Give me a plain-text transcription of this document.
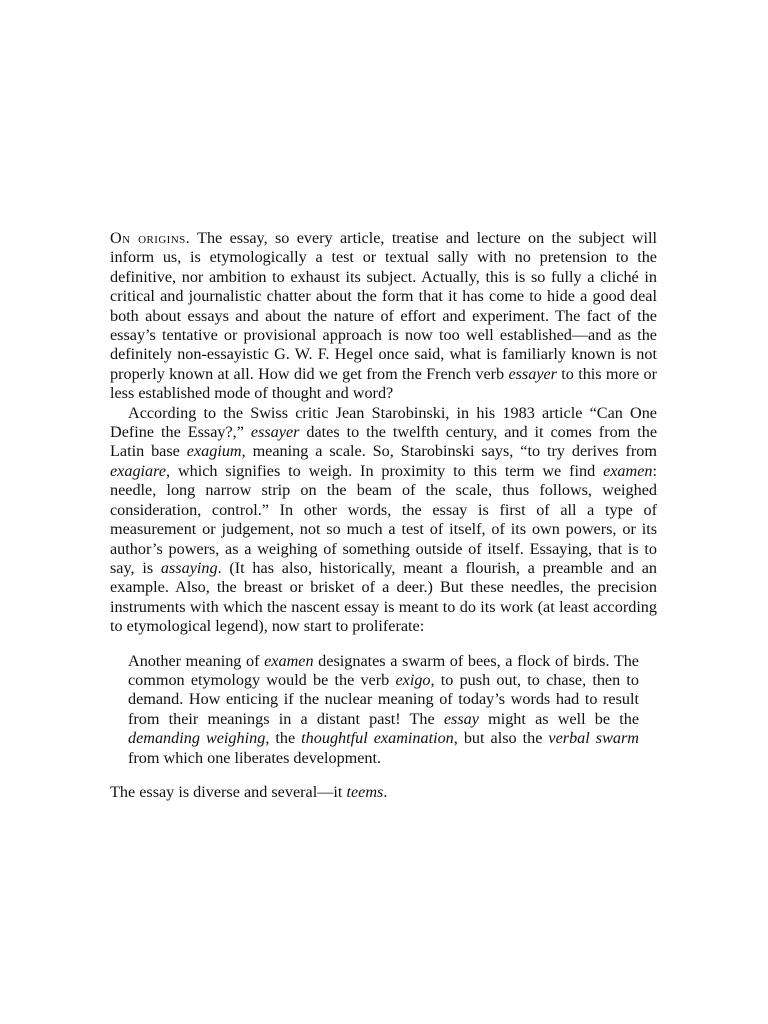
On origins. The essay, so every article, treatise and lecture on the subject will inform us, is etymologically a test or textual sally with no pretension to the definitive, nor ambition to exhaust its subject. Actually, this is so fully a cliché in critical and journalistic chatter about the form that it has come to hide a good deal both about essays and about the nature of effort and experiment. The fact of the essay’s tentative or provisional approach is now too well established—and as the definitely non-essayistic G. W. F. Hegel once said, what is familiarly known is not properly known at all. How did we get from the French verb essayer to this more or less established mode of thought and word?

According to the Swiss critic Jean Starobinski, in his 1983 article “Can One Define the Essay?,” essayer dates to the twelfth century, and it comes from the Latin base exagium, meaning a scale. So, Starobinski says, “to try derives from exagiare, which signifies to weigh. In proximity to this term we find examen: needle, long narrow strip on the beam of the scale, thus follows, weighed consideration, control.” In other words, the essay is first of all a type of measurement or judgement, not so much a test of itself, of its own powers, or its author’s powers, as a weighing of something outside of itself. Essaying, that is to say, is assaying. (It has also, historically, meant a flourish, a preamble and an example. Also, the breast or brisket of a deer.) But these needles, the precision instruments with which the nascent essay is meant to do its work (at least according to etymological legend), now start to proliferate:

Another meaning of examen designates a swarm of bees, a flock of birds. The common etymology would be the verb exigo, to push out, to chase, then to demand. How enticing if the nuclear meaning of today’s words had to result from their meanings in a distant past! The essay might as well be the demanding weighing, the thoughtful examination, but also the verbal swarm from which one liberates development.

The essay is diverse and several—it teems.
